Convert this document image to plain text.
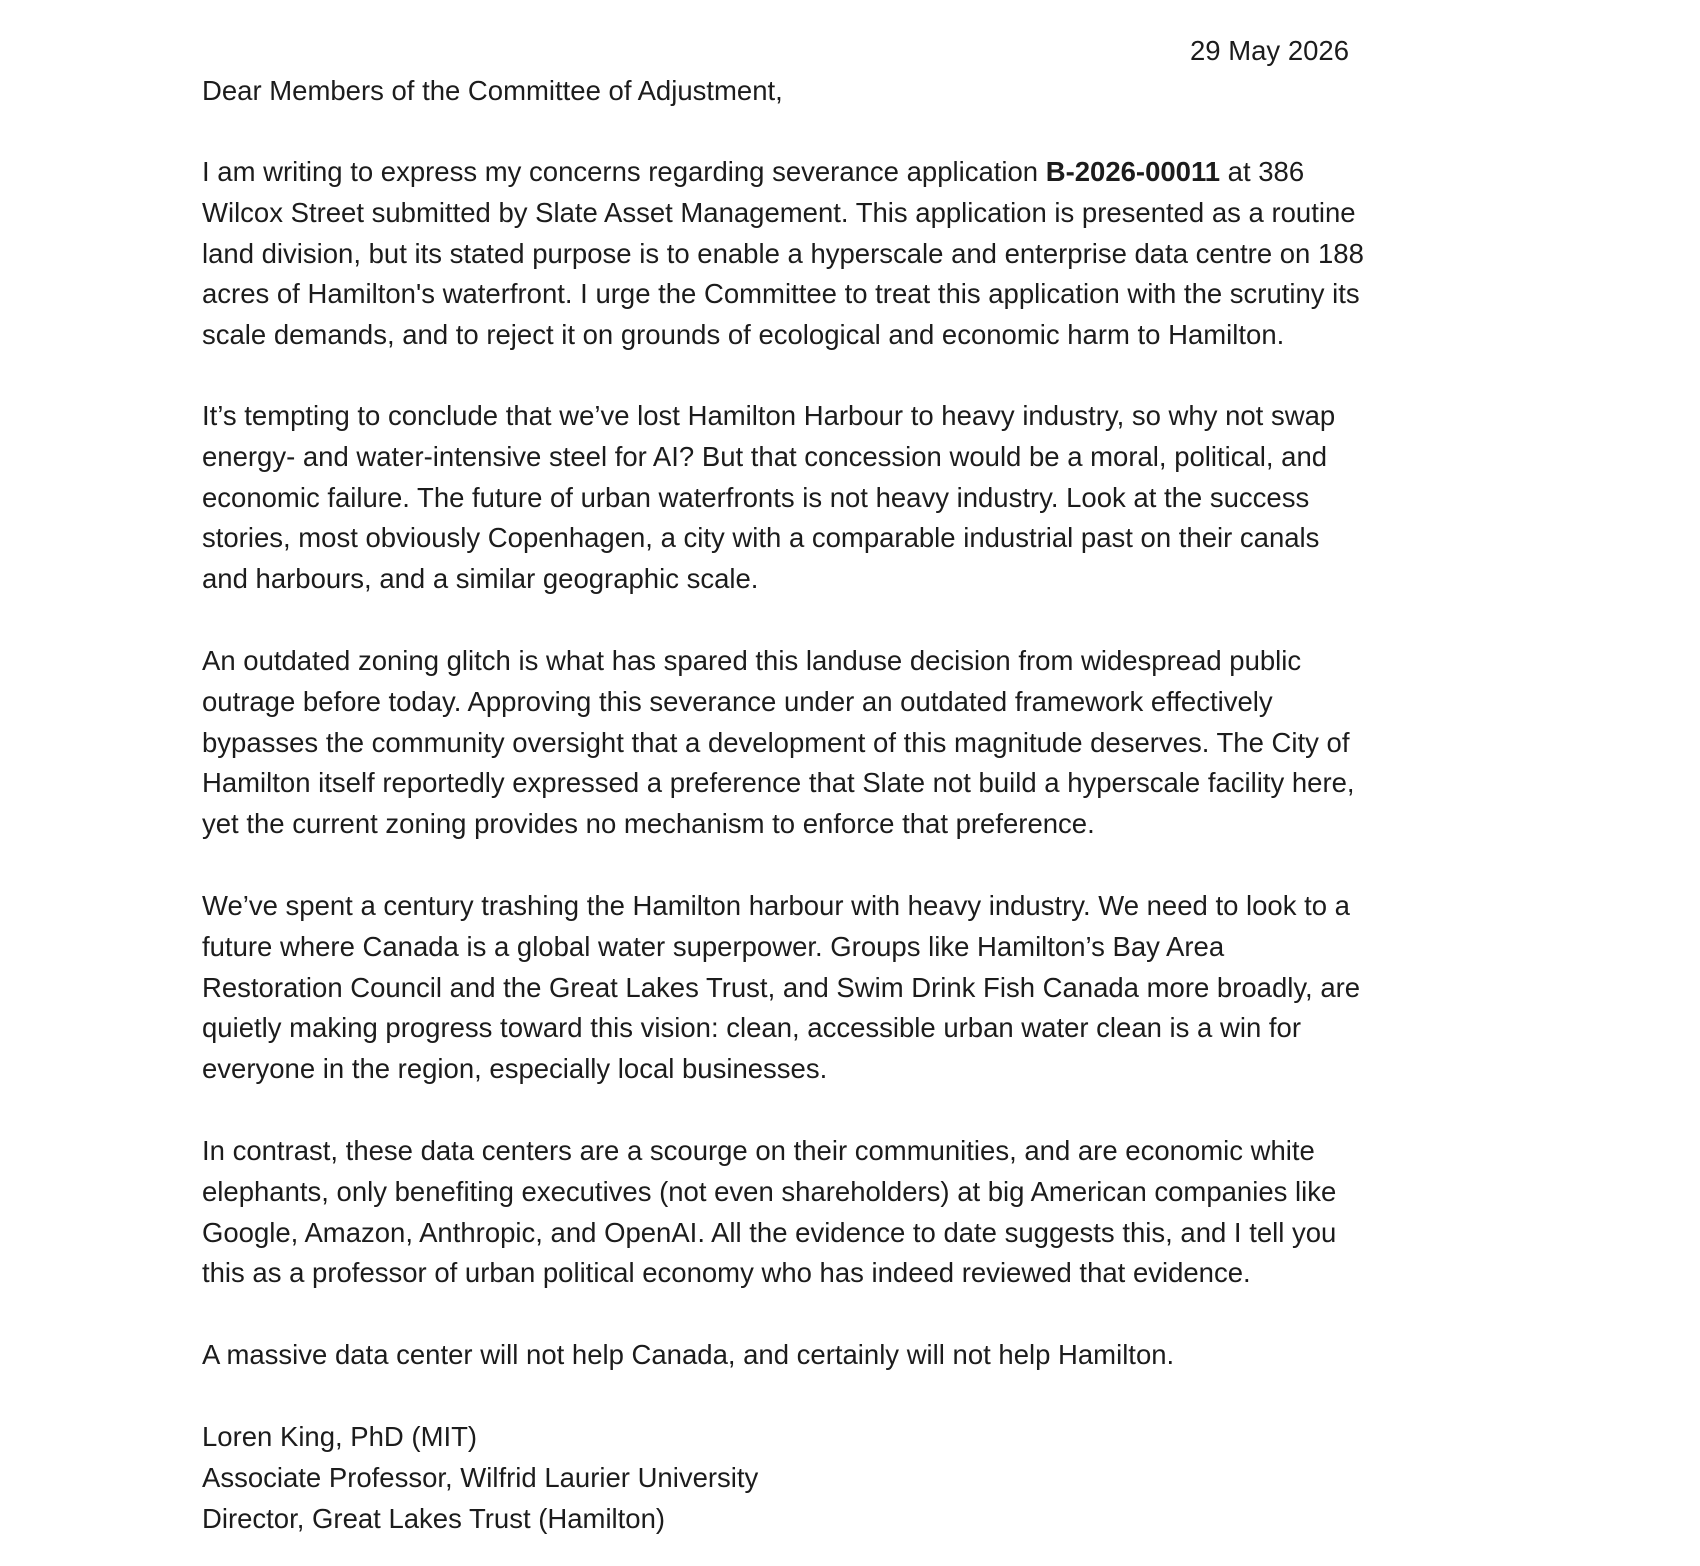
29 May 2026
Dear Members of the Committee of Adjustment,

I am writing to express my concerns regarding severance application B-2026-00011 at 386
Wilcox Street submitted by Slate Asset Management. This application is presented as a routine
land division, but its stated purpose is to enable a hyperscale and enterprise data centre on 188
acres of Hamilton's waterfront. I urge the Committee to treat this application with the scrutiny its
scale demands, and to reject it on grounds of ecological and economic harm to Hamilton.

It’s tempting to conclude that we’ve lost Hamilton Harbour to heavy industry, so why not swap
energy- and water-intensive steel for AI? But that concession would be a moral, political, and
economic failure. The future of urban waterfronts is not heavy industry. Look at the success
stories, most obviously Copenhagen, a city with a comparable industrial past on their canals
and harbours, and a similar geographic scale.

An outdated zoning glitch is what has spared this landuse decision from widespread public
outrage before today. Approving this severance under an outdated framework effectively
bypasses the community oversight that a development of this magnitude deserves. The City of
Hamilton itself reportedly expressed a preference that Slate not build a hyperscale facility here,
yet the current zoning provides no mechanism to enforce that preference.

We’ve spent a century trashing the Hamilton harbour with heavy industry. We need to look to a
future where Canada is a global water superpower. Groups like Hamilton’s Bay Area
Restoration Council and the Great Lakes Trust, and Swim Drink Fish Canada more broadly, are
quietly making progress toward this vision: clean, accessible urban water clean is a win for
everyone in the region, especially local businesses.

In contrast, these data centers are a scourge on their communities, and are economic white
elephants, only benefiting executives (not even shareholders) at big American companies like
Google, Amazon, Anthropic, and OpenAI. All the evidence to date suggests this, and I tell you
this as a professor of urban political economy who has indeed reviewed that evidence.

A massive data center will not help Canada, and certainly will not help Hamilton.

Loren King, PhD (MIT)
Associate Professor, Wilfrid Laurier University
Director, Great Lakes Trust (Hamilton)
